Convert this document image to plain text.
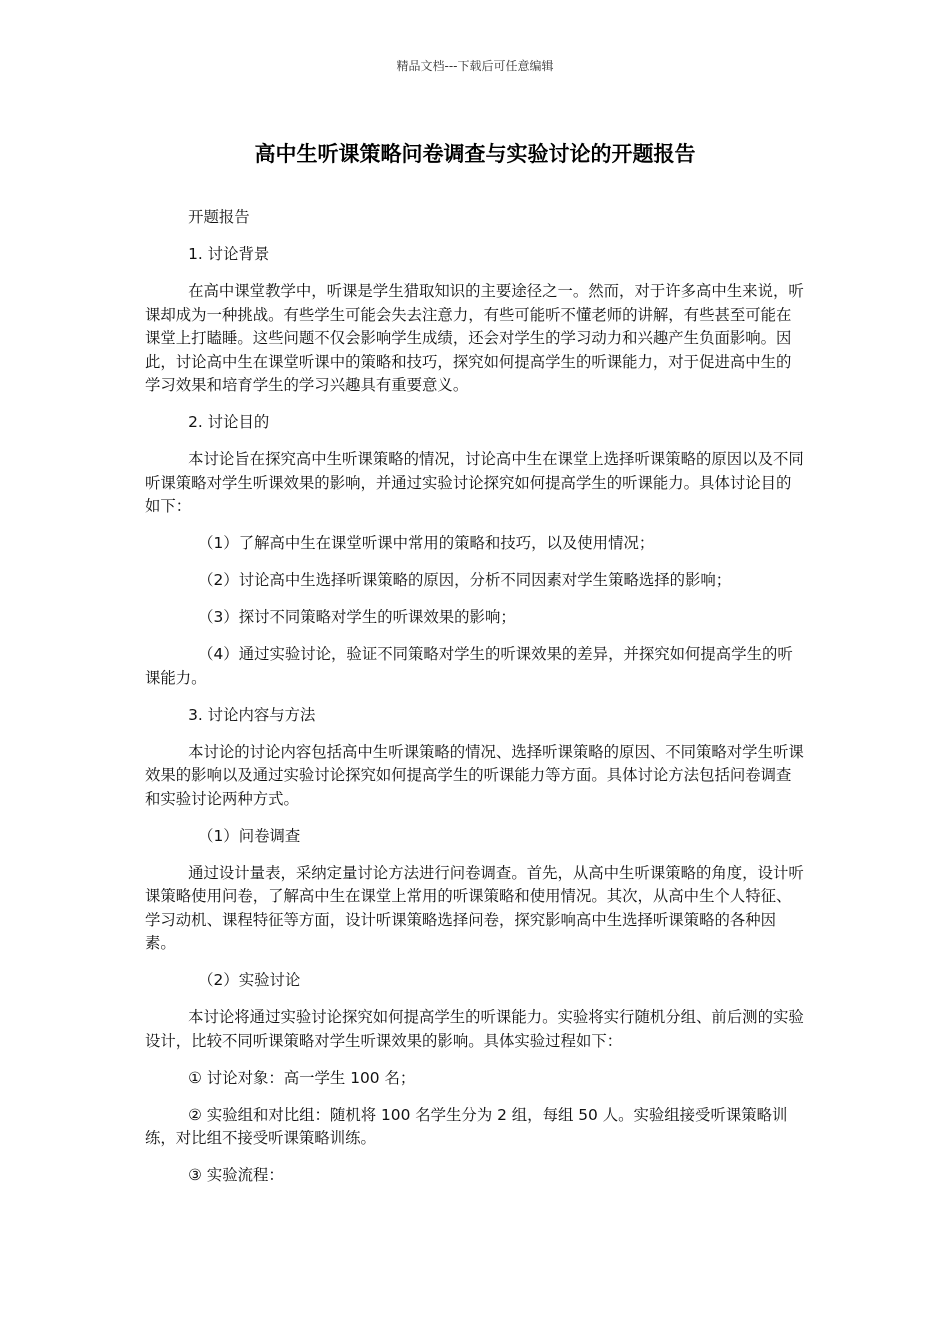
精品文档---下载后可任意编辑
高中生听课策略问卷调查与实验讨论的开题报告

开题报告

1. 讨论背景

在高中课堂教学中，听课是学生猎取知识的主要途径之一。然而，对于许多高中生来说，听课却成为一种挑战。有些学生可能会失去注意力，有些可能听不懂老师的讲解，有些甚至可能在课堂上打瞌睡。这些问题不仅会影响学生成绩，还会对学生的学习动力和兴趣产生负面影响。因此，讨论高中生在课堂听课中的策略和技巧，探究如何提高学生的听课能力，对于促进高中生的学习效果和培育学生的学习兴趣具有重要意义。

2. 讨论目的

本讨论旨在探究高中生听课策略的情况，讨论高中生在课堂上选择听课策略的原因以及不同听课策略对学生听课效果的影响，并通过实验讨论探究如何提高学生的听课能力。具体讨论目的如下：

（1）了解高中生在课堂听课中常用的策略和技巧，以及使用情况；

（2）讨论高中生选择听课策略的原因，分析不同因素对学生策略选择的影响；

（3）探讨不同策略对学生的听课效果的影响；

（4）通过实验讨论，验证不同策略对学生的听课效果的差异，并探究如何提高学生的听课能力。

3. 讨论内容与方法

本讨论的讨论内容包括高中生听课策略的情况、选择听课策略的原因、不同策略对学生听课效果的影响以及通过实验讨论探究如何提高学生的听课能力等方面。具体讨论方法包括问卷调查和实验讨论两种方式。

（1）问卷调查

通过设计量表，采纳定量讨论方法进行问卷调查。首先，从高中生听课策略的角度，设计听课策略使用问卷，了解高中生在课堂上常用的听课策略和使用情况。其次，从高中生个人特征、学习动机、课程特征等方面，设计听课策略选择问卷，探究影响高中生选择听课策略的各种因素。

（2）实验讨论

本讨论将通过实验讨论探究如何提高学生的听课能力。实验将实行随机分组、前后测的实验设计，比较不同听课策略对学生听课效果的影响。具体实验过程如下：

① 讨论对象：高一学生 100 名；

② 实验组和对比组：随机将 100 名学生分为 2 组，每组 50 人。实验组接受听课策略训练，对比组不接受听课策略训练。

③ 实验流程：
